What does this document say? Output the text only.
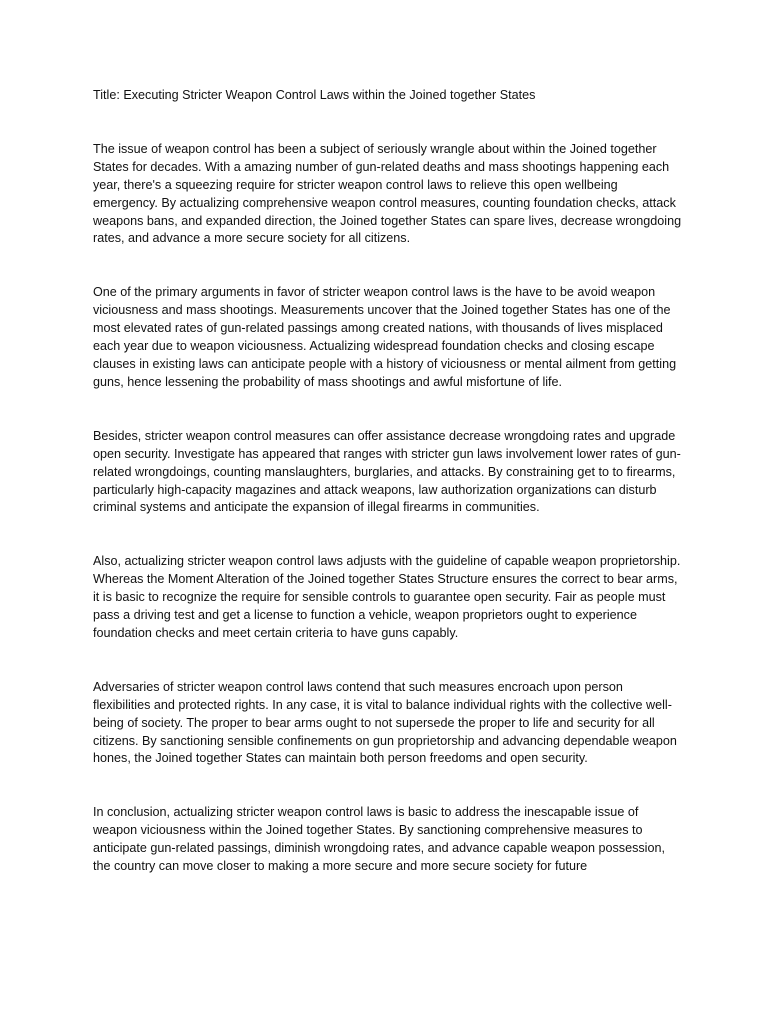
Title: Executing Stricter Weapon Control Laws within the Joined together States

The issue of weapon control has been a subject of seriously wrangle about within the Joined together States for decades. With a amazing number of gun-related deaths and mass shootings happening each year, there's a squeezing require for stricter weapon control laws to relieve this open wellbeing emergency. By actualizing comprehensive weapon control measures, counting foundation checks, attack weapons bans, and expanded direction, the Joined together States can spare lives, decrease wrongdoing rates, and advance a more secure society for all citizens.

One of the primary arguments in favor of stricter weapon control laws is the have to be avoid weapon viciousness and mass shootings. Measurements uncover that the Joined together States has one of the most elevated rates of gun-related passings among created nations, with thousands of lives misplaced each year due to weapon viciousness. Actualizing widespread foundation checks and closing escape clauses in existing laws can anticipate people with a history of viciousness or mental ailment from getting guns, hence lessening the probability of mass shootings and awful misfortune of life.

Besides, stricter weapon control measures can offer assistance decrease wrongdoing rates and upgrade open security. Investigate has appeared that ranges with stricter gun laws involvement lower rates of gun-related wrongdoings, counting manslaughters, burglaries, and attacks. By constraining get to to firearms, particularly high-capacity magazines and attack weapons, law authorization organizations can disturb criminal systems and anticipate the expansion of illegal firearms in communities.

Also, actualizing stricter weapon control laws adjusts with the guideline of capable weapon proprietorship. Whereas the Moment Alteration of the Joined together States Structure ensures the correct to bear arms, it is basic to recognize the require for sensible controls to guarantee open security. Fair as people must pass a driving test and get a license to function a vehicle, weapon proprietors ought to experience foundation checks and meet certain criteria to have guns capably.

Adversaries of stricter weapon control laws contend that such measures encroach upon person flexibilities and protected rights. In any case, it is vital to balance individual rights with the collective well-being of society. The proper to bear arms ought to not supersede the proper to life and security for all citizens. By sanctioning sensible confinements on gun proprietorship and advancing dependable weapon hones, the Joined together States can maintain both person freedoms and open security.

In conclusion, actualizing stricter weapon control laws is basic to address the inescapable issue of weapon viciousness within the Joined together States. By sanctioning comprehensive measures to anticipate gun-related passings, diminish wrongdoing rates, and advance capable weapon possession, the country can move closer to making a more secure and more secure society for future
